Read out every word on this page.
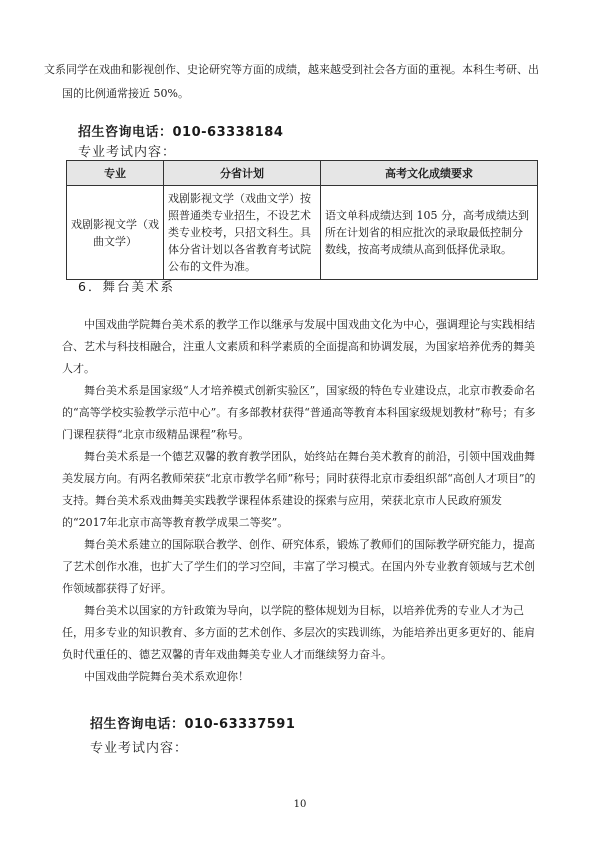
文系同学在戏曲和影视创作、史论研究等方面的成绩，越来越受到社会各方面的重视。本科生考研、出国的比例通常接近 50%。

招生咨询电话：010-63338184
专业考试内容：
专业	分省计划	高考文化成绩要求
戏剧影视文学（戏曲文学）	戏剧影视文学（戏曲文学）按照普通类专业招生，不设艺术类专业校考，只招文科生。具体分省计划以各省教育考试院公布的文件为准。	语文单科成绩达到 105 分，高考成绩达到所在计划省的相应批次的录取最低控制分数线，按高考成绩从高到低择优录取。
6．舞台美术系

中国戏曲学院舞台美术系的教学工作以继承与发展中国戏曲文化为中心，强调理论与实践相结合、艺术与科技相融合，注重人文素质和科学素质的全面提高和协调发展，为国家培养优秀的舞美人才。

舞台美术系是国家级“人才培养模式创新实验区”，国家级的特色专业建设点，北京市教委命名的“高等学校实验教学示范中心”。有多部教材获得“普通高等教育本科国家级规划教材”称号；有多门课程获得“北京市级精品课程”称号。

舞台美术系是一个德艺双馨的教育教学团队，始终站在舞台美术教育的前沿，引领中国戏曲舞美发展方向。有两名教师荣获“北京市教学名师”称号；同时获得北京市委组织部“高创人才项目”的支持。舞台美术系戏曲舞美实践教学课程体系建设的探索与应用，荣获北京市人民政府颁发的“2017年北京市高等教育教学成果二等奖”。

舞台美术系建立的国际联合教学、创作、研究体系，锻炼了教师们的国际教学研究能力，提高了艺术创作水准，也扩大了学生们的学习空间，丰富了学习模式。在国内外专业教育领域与艺术创作领域都获得了好评。

舞台美术以国家的方针政策为导向，以学院的整体规划为目标，以培养优秀的专业人才为己任，用多专业的知识教育、多方面的艺术创作、多层次的实践训练，为能培养出更多更好的、能肩负时代重任的、德艺双馨的青年戏曲舞美专业人才而继续努力奋斗。

中国戏曲学院舞台美术系欢迎你！

招生咨询电话：010-63337591
专业考试内容：
10
